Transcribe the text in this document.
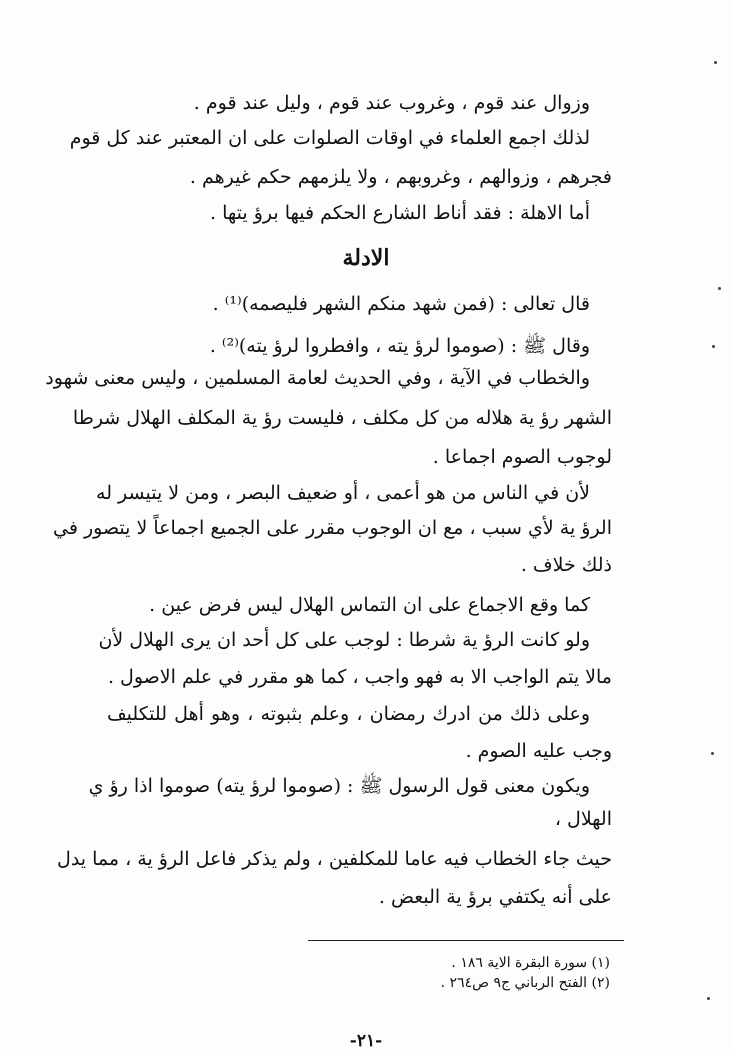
وزوال عند قوم ، وغروب عند قوم ، وليل عند قوم .
لذلك اجمع العلماء في اوقات الصلوات على ان المعتبر عند كل قوم
فجرهم ، وزوالهم ، وغروبهم ، ولا يلزمهم حكم غيرهم .
أما الاهلة : فقد أناط الشارع الحكم فيها برؤ يتها .
الادلة
قال تعالى : (فمن شهد منكم الشهر فليصمه)⁽¹⁾ .
وقال ﷺ : (صوموا لرؤ يته ، وافطروا لرؤ يته)⁽²⁾ .
والخطاب في الآية ، وفي الحديث لعامة المسلمين ، وليس معنى شهود
الشهر رؤ ية هلاله من كل مكلف ، فليست رؤ ية المكلف الهلال شرطا
لوجوب الصوم اجماعا .
لأن في الناس من هو أعمى ، أو ضعيف البصر ، ومن لا يتيسر له
الرؤ ية لأي سبب ، مع ان الوجوب مقرر على الجميع اجماعاً لا يتصور في
ذلك خلاف .
كما وقع الاجماع على ان التماس الهلال ليس فرض عين .
ولو كانت الرؤ ية شرطا : لوجب على كل أحد ان يرى الهلال لأن
مالا يتم الواجب الا به فهو واجب ، كما هو مقرر في علم الاصول .
وعلى ذلك من ادرك رمضان ، وعلم بثبوته ، وهو أهل للتكليف
وجب عليه الصوم .
ويكون معنى قول الرسول ﷺ : (صوموا لرؤ يته) صوموا اذا رؤ ي
الهلال ،
حيث جاء الخطاب فيه عاما للمكلفين ، ولم يذكر فاعل الرؤ ية ، مما يدل
على أنه يكتفي برؤ ية البعض .
(١) سورة البقرة الاية ١٨٦ .
(٢) الفتح الرباني ج٩ ص٢٦٤ .
-٢١-
